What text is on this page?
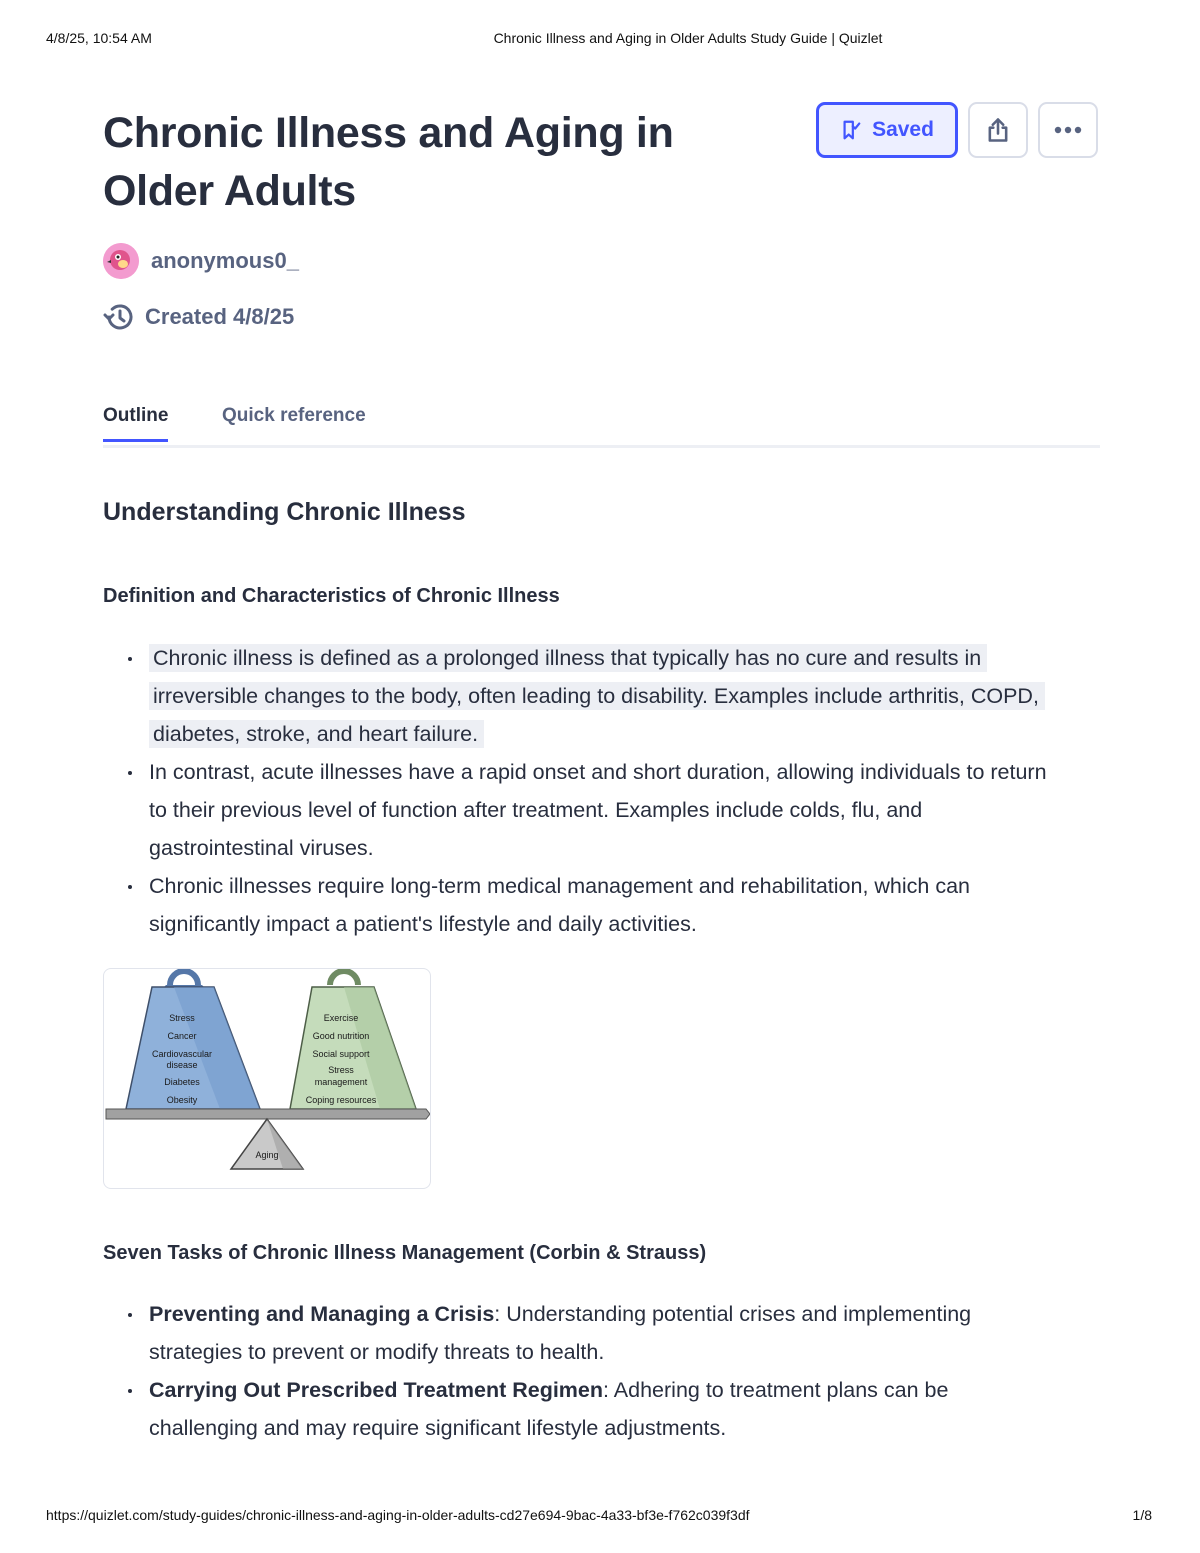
4/8/25, 10:54 AM	Chronic Illness and Aging in Older Adults Study Guide | Quizlet
Chronic Illness and Aging in Older Adults
Saved
anonymous0_
Created 4/8/25
Outline	Quick reference
Understanding Chronic Illness
Definition and Characteristics of Chronic Illness
Chronic illness is defined as a prolonged illness that typically has no cure and results in irreversible changes to the body, often leading to disability. Examples include arthritis, COPD, diabetes, stroke, and heart failure.
In contrast, acute illnesses have a rapid onset and short duration, allowing individuals to return to their previous level of function after treatment. Examples include colds, flu, and gastrointestinal viruses.
Chronic illnesses require long-term medical management and rehabilitation, which can significantly impact a patient's lifestyle and daily activities.
Stress
Cancer
Cardiovascular
disease
Diabetes
Obesity
Exercise
Good nutrition
Social support
Stress
management
Coping resources
Aging
Seven Tasks of Chronic Illness Management (Corbin & Strauss)
Preventing and Managing a Crisis: Understanding potential crises and implementing strategies to prevent or modify threats to health.
Carrying Out Prescribed Treatment Regimen: Adhering to treatment plans can be challenging and may require significant lifestyle adjustments.
https://quizlet.com/study-guides/chronic-illness-and-aging-in-older-adults-cd27e694-9bac-4a33-bf3e-f762c039f3df	1/8
